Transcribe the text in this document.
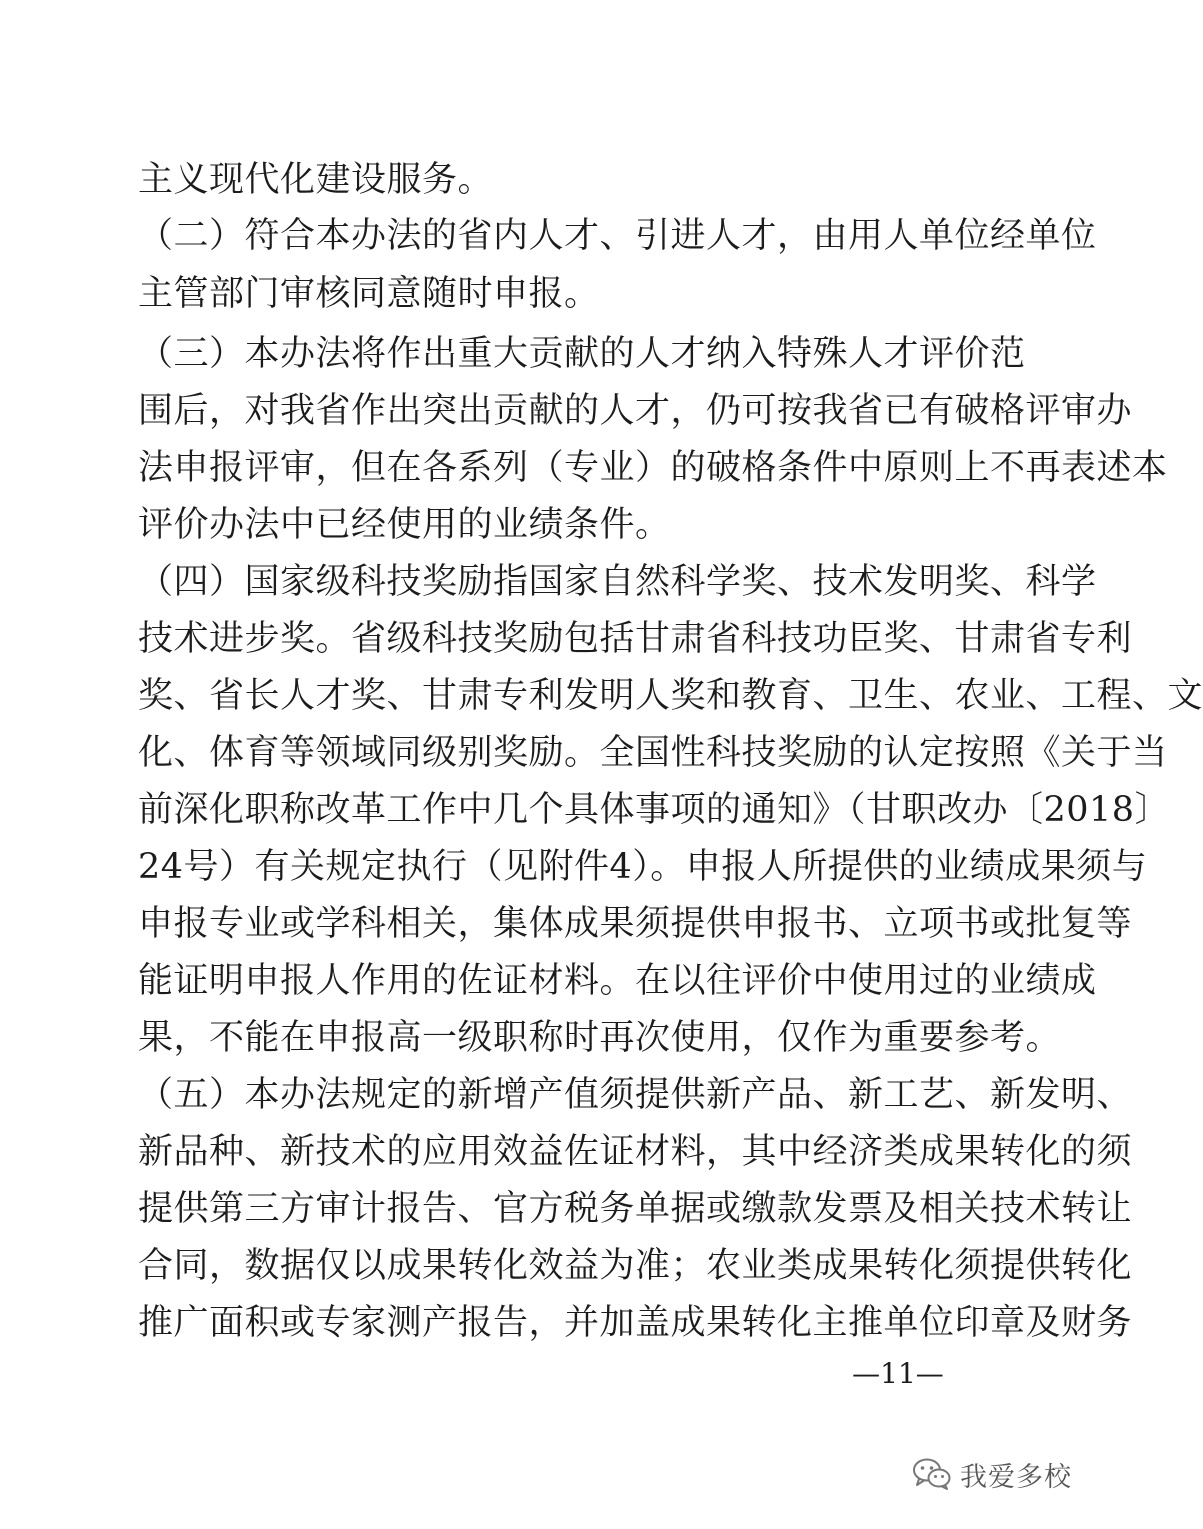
主义现代化建设服务。
（二）符合本办法的省内人才、引进人才，由用人单位经单位
主管部门审核同意随时申报。
（三）本办法将作出重大贡献的人才纳入特殊人才评价范
围后，对我省作出突出贡献的人才，仍可按我省已有破格评审办
法申报评审，但在各系列（专业）的破格条件中原则上不再表述本
评价办法中已经使用的业绩条件。
（四）国家级科技奖励指国家自然科学奖、技术发明奖、科学
技术进步奖。省级科技奖励包括甘肃省科技功臣奖、甘肃省专利
奖、省长人才奖、甘肃专利发明人奖和教育、卫生、农业、工程、文
化、体育等领域同级别奖励。全国性科技奖励的认定按照《关于当
前深化职称改革工作中几个具体事项的通知》（甘职改办〔2018〕
24号）有关规定执行（见附件4）。申报人所提供的业绩成果须与
申报专业或学科相关，集体成果须提供申报书、立项书或批复等
能证明申报人作用的佐证材料。在以往评价中使用过的业绩成
果，不能在申报高一级职称时再次使用，仅作为重要参考。
（五）本办法规定的新增产值须提供新产品、新工艺、新发明、
新品种、新技术的应用效益佐证材料，其中经济类成果转化的须
提供第三方审计报告、官方税务单据或缴款发票及相关技术转让
合同，数据仅以成果转化效益为准；农业类成果转化须提供转化
推广面积或专家测产报告，并加盖成果转化主推单位印章及财务
—11—
我爱多校
